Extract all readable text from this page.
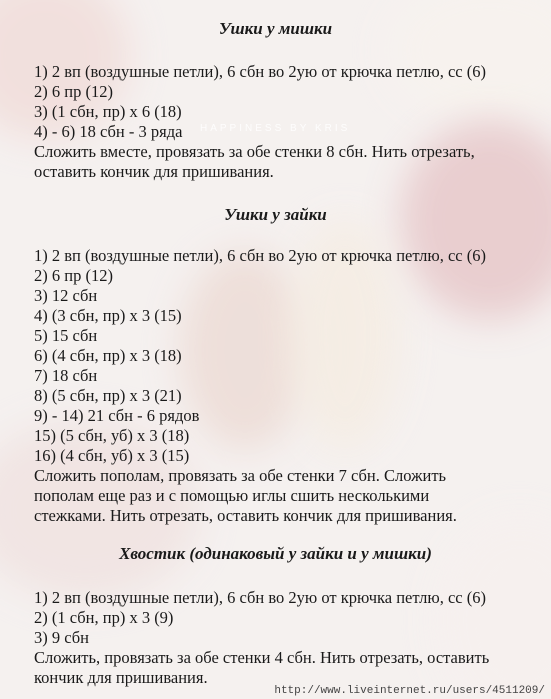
HAPPINESS BY KRIS
Ушки у мишки
1) 2 вп (воздушные петли), 6 сбн во 2ую от крючка петлю, сс (6)
2) 6 пр (12)
3) (1 сбн, пр) х 6 (18)
4) - 6) 18 сбн - 3 ряда
Сложить вместе, провязать за обе стенки 8 сбн. Нить отрезать,
оставить кончик для пришивания.
Ушки у зайки
1) 2 вп (воздушные петли), 6 сбн во 2ую от крючка петлю, сс (6)
2) 6 пр (12)
3) 12 сбн
4) (3 сбн, пр) х 3 (15)
5) 15 сбн
6) (4 сбн, пр) х 3 (18)
7) 18 сбн
8) (5 сбн, пр) х 3 (21)
9) - 14) 21 сбн - 6 рядов
15) (5 сбн, уб) х 3 (18)
16) (4 сбн, уб) х 3 (15)
Сложить пополам, провязать за обе стенки 7 сбн. Сложить
пополам еще раз и с помощью иглы сшить несколькими
стежками. Нить отрезать, оставить кончик для пришивания.
Хвостик (одинаковый у зайки и у мишки)
1) 2 вп (воздушные петли), 6 сбн во 2ую от крючка петлю, сс (6)
2) (1 сбн, пр) х 3 (9)
3) 9 сбн
Сложить, провязать за обе стенки 4 сбн. Нить отрезать, оставить
кончик для пришивания.
http://www.liveinternet.ru/users/4511209/
